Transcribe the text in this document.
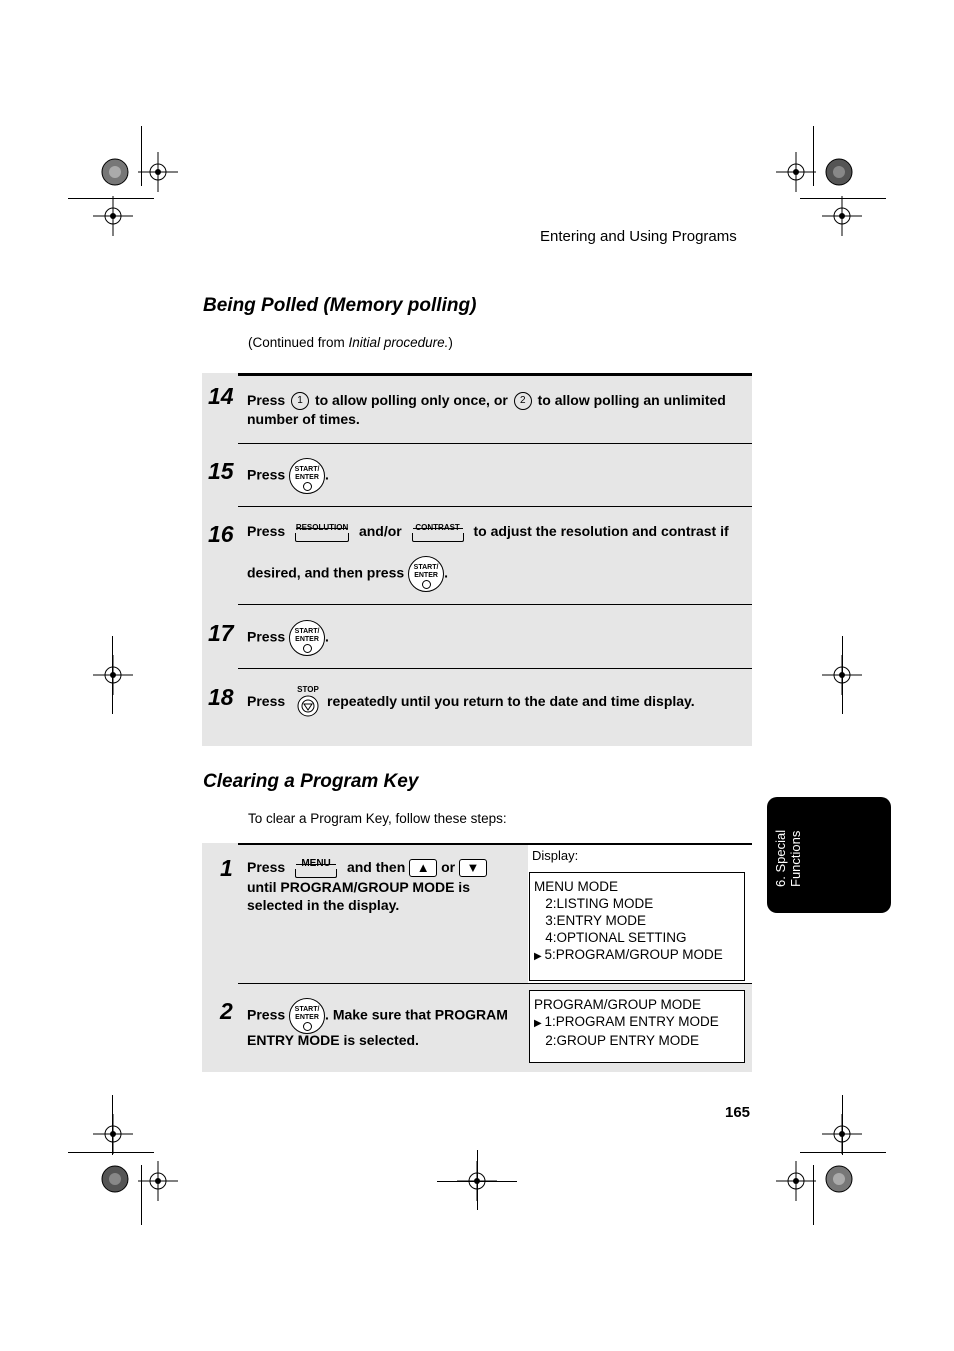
Entering and Using Programs
Being Polled (Memory polling)
(Continued from Initial procedure.)
14 Press 1 to allow polling only once, or 2 to allow polling an unlimited
number of times.
15 Press	START/
ENTER .
16 Press RESOLUTION and/or	CONTRAST to adjust the resolution and contrast if
desired, and then press	START/
ENTER .
17 Press	START/
ENTER .
18 Press
STOP
repeatedly until you return to the date and time display.
Clearing a Program Key
To clear a Program Key, follow these steps:
Display:
1 Press	MENU	and then ▲ or ▼
until PROGRAM/GROUP MODE is
selected in the display.
MENU MODE
2:LISTING MODE
3:ENTRY MODE
4:OPTIONAL SETTING
▶ 5:PROGRAM/GROUP MODE
2 Press	START/
ENTER . Make sure that PROGRAM
ENTRY MODE is selected.
PROGRAM/GROUP MODE
▶ 1:PROGRAM ENTRY MODE
2:GROUP ENTRY MODE
6. Special Functions
165
